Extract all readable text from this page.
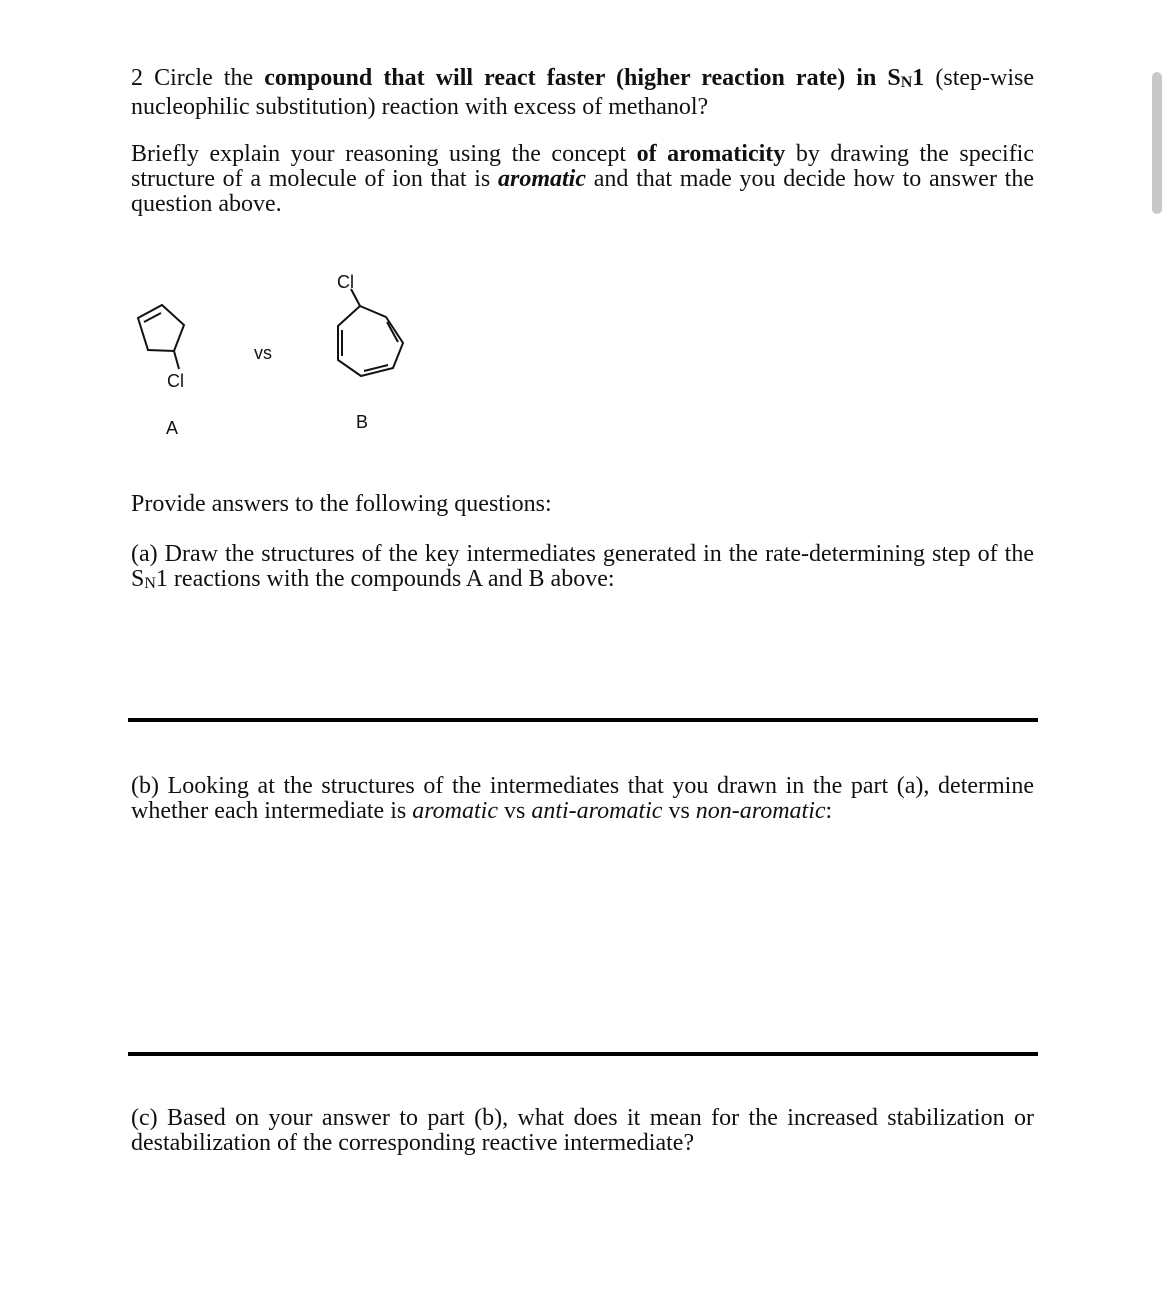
2 Circle the compound that will react faster (higher reaction rate) in SN1 (step-wise nucleophilic substitution) reaction with excess of methanol?

Briefly explain your reasoning using the concept of aromaticity by drawing the specific structure of a molecule of ion that is aromatic and that made you decide how to answer the question above.

Cl
Cl
vs
A	B

Provide answers to the following questions:

(a) Draw the structures of the key intermediates generated in the rate-determining step of the SN1 reactions with the compounds A and B above:

(b) Looking at the structures of the intermediates that you drawn in the part (a), determine whether each intermediate is aromatic vs anti-aromatic vs non-aromatic:

(c) Based on your answer to part (b), what does it mean for the increased stabilization or destabilization of the corresponding reactive intermediate?
